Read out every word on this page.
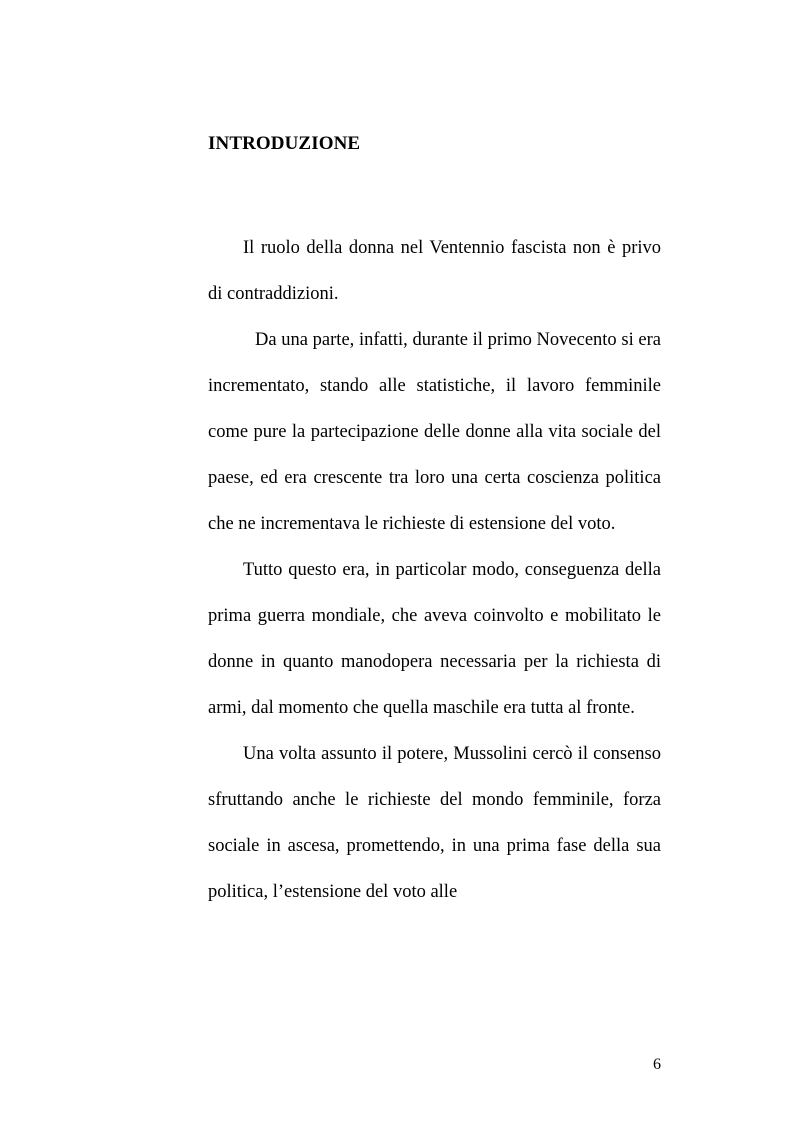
INTRODUZIONE

Il ruolo della donna nel Ventennio fascista non è privo di contraddizioni.

Da una parte, infatti, durante il primo Novecento si era incrementato, stando alle statistiche, il lavoro femminile come pure la partecipazione delle donne alla vita sociale del paese, ed era crescente tra loro una certa coscienza politica che ne incrementava le richieste di estensione del voto.

Tutto questo era, in particolar modo, conseguenza della prima guerra mondiale, che aveva coinvolto e mobilitato le donne in quanto manodopera necessaria per la richiesta di armi, dal momento che quella maschile era tutta al fronte.

Una volta assunto il potere, Mussolini cercò il consenso sfruttando anche le richieste del mondo femminile, forza sociale in ascesa, promettendo, in una prima fase della sua politica, l’estensione del voto alle

6
